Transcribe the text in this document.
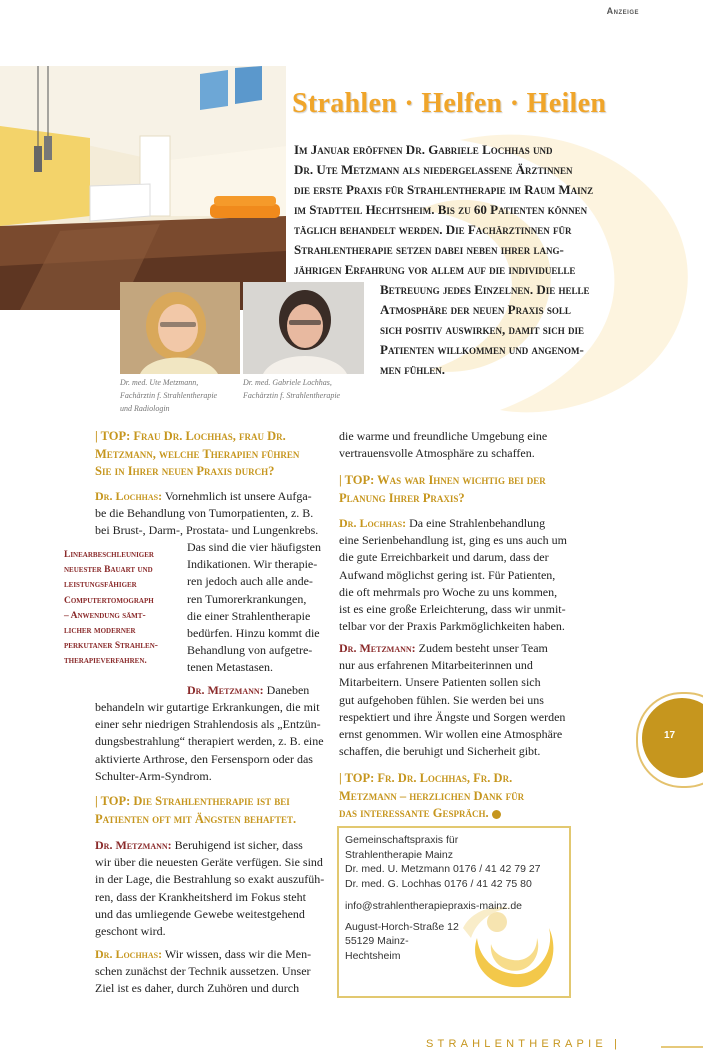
Anzeige
Dr. med. Ute Metzmann,
Fachärztin f. Strahlentherapie
und Radiologin
Dr. med. Gabriele Lochhas,
Fachärztin f. Strahlentherapie
Strahlen · Helfen · Heilen
Im Januar eröffnen Dr. Gabriele Lochhas und
Dr. Ute Metzmann als niedergelassene Ärztinnen
die erste Praxis für Strahlentherapie im Raum Mainz
im Stadtteil Hechtsheim. Bis zu 60 Patienten können
täglich behandelt werden. Die Fachärztinnen für
Strahlentherapie setzen dabei neben ihrer lang-
jährigen Erfahrung vor allem auf die individuelle
Betreuung jedes Einzelnen. Die helle
Atmosphäre der neuen Praxis soll
sich positiv auswirken, damit sich die
Patienten willkommen und angenom-
men fühlen.
| TOP: Frau Dr. Lochhas, frau Dr.
Metzmann, welche Therapien führen
Sie in Ihrer neuen Praxis durch?
Dr. Lochhas: Vornehmlich ist unsere Aufga-
be die Behandlung von Tumorpatienten, z. B.
bei Brust-, Darm-, Prostata- und Lungenkrebs.
Das sind die vier häufigsten
Indikationen. Wir therapie-
ren jedoch auch alle ande-
ren Tumorerkrankungen,
die einer Strahlentherapie
bedürfen. Hinzu kommt die
Behandlung von aufgetre-
tenen Metastasen.
Linearbeschleuniger
neuester Bauart und
leistungsfähiger
Computertomograph
– Anwendung sämt-
licher moderner
perkutaner Strahlen-
therapieverfahren.
Dr. Metzmann: Daneben
behandeln wir gutartige Erkrankungen, die mit
einer sehr niedrigen Strahlendosis als „Entzün-
dungsbestrahlung“ therapiert werden, z. B. eine
aktivierte Arthrose, den Fersensporn oder das
Schulter-Arm-Syndrom.
| TOP: Die Strahlentherapie ist bei
Patienten oft mit Ängsten behaftet.
Dr. Metzmann: Beruhigend ist sicher, dass
wir über die neuesten Geräte verfügen. Sie sind
in der Lage, die Bestrahlung so exakt auszufüh-
ren, dass der Krankheitsherd im Fokus steht
und das umliegende Gewebe weitestgehend
geschont wird.
Dr. Lochhas: Wir wissen, dass wir die Men-
schen zunächst der Technik aussetzen. Unser
Ziel ist es daher, durch Zuhören und durch
die warme und freundliche Umgebung eine
vertrauensvolle Atmosphäre zu schaffen.
| TOP: Was war Ihnen wichtig bei der
Planung Ihrer Praxis?
Dr. Lochhas: Da eine Strahlenbehandlung
eine Serienbehandlung ist, ging es uns auch um
die gute Erreichbarkeit und darum, dass der
Aufwand möglichst gering ist. Für Patienten,
die oft mehrmals pro Woche zu uns kommen,
ist es eine große Erleichterung, dass wir unmit-
telbar vor der Praxis Parkmöglichkeiten haben.
Dr. Metzmann: Zudem besteht unser Team
nur aus erfahrenen Mitarbeiterinnen und
Mitarbeitern. Unsere Patienten sollen sich
gut aufgehoben fühlen. Sie werden bei uns
respektiert und ihre Ängste und Sorgen werden
ernst genommen. Wir wollen eine Atmosphäre
schaffen, die beruhigt und Sicherheit gibt.
| TOP: Fr. Dr. Lochhas, Fr. Dr.
Metzmann – herzlichen Dank für
das interessante Gespräch.
Gemeinschaftspraxis für
Strahlentherapie Mainz
Dr. med. U. Metzmann 0176 / 41 42 79 27
Dr. med. G. Lochhas 0176 / 41 42 75 80
info@strahlentherapiepraxis-mainz.de
August-Horch-Straße 12
55129 Mainz-
Hechtsheim
17
STRAHLENTHERAPIE |
